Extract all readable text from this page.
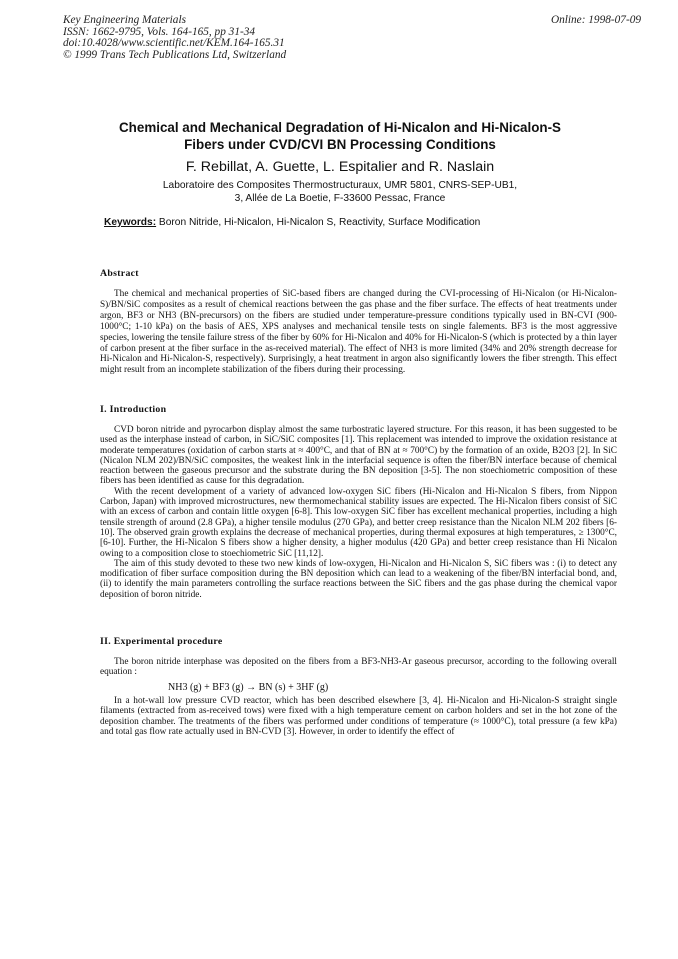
Key Engineering Materials
ISSN: 1662-9795, Vols. 164-165, pp 31-34
doi:10.4028/www.scientific.net/KEM.164-165.31
© 1999 Trans Tech Publications Ltd, Switzerland
Online: 1998-07-09
Chemical and Mechanical Degradation of Hi-Nicalon and Hi-Nicalon-S
Fibers under CVD/CVI BN Processing Conditions
F. Rebillat, A. Guette, L. Espitalier and R. Naslain
Laboratoire des Composites Thermostructuraux, UMR 5801, CNRS-SEP-UB1,
3, Allée de La Boetie, F-33600 Pessac, France
Keywords: Boron Nitride, Hi-Nicalon, Hi-Nicalon S, Reactivity, Surface Modification
Abstract

The chemical and mechanical properties of SiC-based fibers are changed during the CVI-processing of Hi-Nicalon (or Hi-Nicalon-S)/BN/SiC composites as a result of chemical reactions between the gas phase and the fiber surface. The effects of heat treatments under argon, BF3 or NH3 (BN-precursors) on the fibers are studied under temperature-pressure conditions typically used in BN-CVI (900-1000°C; 1-10 kPa) on the basis of AES, XPS analyses and mechanical tensile tests on single falements. BF3 is the most aggressive species, lowering the tensile failure stress of the fiber by 60% for Hi-Nicalon and 40% for Hi-Nicalon-S (which is protected by a thin layer of carbon present at the fiber surface in the as-received material). The effect of NH3 is more limited (34% and 20% strength decrease for Hi-Nicalon and Hi-Nicalon-S, respectively). Surprisingly, a heat treatment in argon also significantly lowers the fiber strength. This effect might result from an incomplete stabilization of the fibers during their processing.

I. Introduction

CVD boron nitride and pyrocarbon display almost the same turbostratic layered structure. For this reason, it has been suggested to be used as the interphase instead of carbon, in SiC/SiC composites [1]. This replacement was intended to improve the oxidation resistance at moderate temperatures (oxidation of carbon starts at ≈ 400°C, and that of BN at ≈ 700°C) by the formation of an oxide, B2O3 [2]. In SiC (Nicalon NLM 202)/BN/SiC composites, the weakest link in the interfacial sequence is often the fiber/BN interface because of chemical reaction between the gaseous precursor and the substrate during the BN deposition [3-5]. The non stoechiometric composition of these fibers has been identified as cause for this degradation.

With the recent development of a variety of advanced low-oxygen SiC fibers (Hi-Nicalon and Hi-Nicalon S fibers, from Nippon Carbon, Japan) with improved microstructures, new thermomechanical stability issues are expected. The Hi-Nicalon fibers consist of SiC with an excess of carbon and contain little oxygen [6-8]. This low-oxygen SiC fiber has excellent mechanical properties, including a high tensile strength of around (2.8 GPa), a higher tensile modulus (270 GPa), and better creep resistance than the Nicalon NLM 202 fibers [6-10]. The observed grain growth explains the decrease of mechanical properties, during thermal exposures at high temperatures, ≥ 1300°C, [6-10]. Further, the Hi-Nicalon S fibers show a higher density, a higher modulus (420 GPa) and better creep resistance than Hi Nicalon owing to a composition close to stoechiometric SiC [11,12].

The aim of this study devoted to these two new kinds of low-oxygen, Hi-Nicalon and Hi-Nicalon S, SiC fibers was : (i) to detect any modification of fiber surface composition during the BN deposition which can lead to a weakening of the fiber/BN interfacial bond, and, (ii) to identify the main parameters controlling the surface reactions between the SiC fibers and the gas phase during the chemical vapor deposition of boron nitride.

II. Experimental procedure

The boron nitride interphase was deposited on the fibers from a BF3-NH3-Ar gaseous precursor, according to the following overall equation :

NH3 (g) + BF3 (g) → BN (s) + 3HF (g)

In a hot-wall low pressure CVD reactor, which has been described elsewhere [3, 4]. Hi-Nicalon and Hi-Nicalon-S straight single filaments (extracted from as-received tows) were fixed with a high temperature cement on carbon holders and set in the hot zone of the deposition chamber. The treatments of the fibers was performed under conditions of temperature (≈ 1000°C), total pressure (a few kPa) and total gas flow rate actually used in BN-CVD [3]. However, in order to identify the effect of
